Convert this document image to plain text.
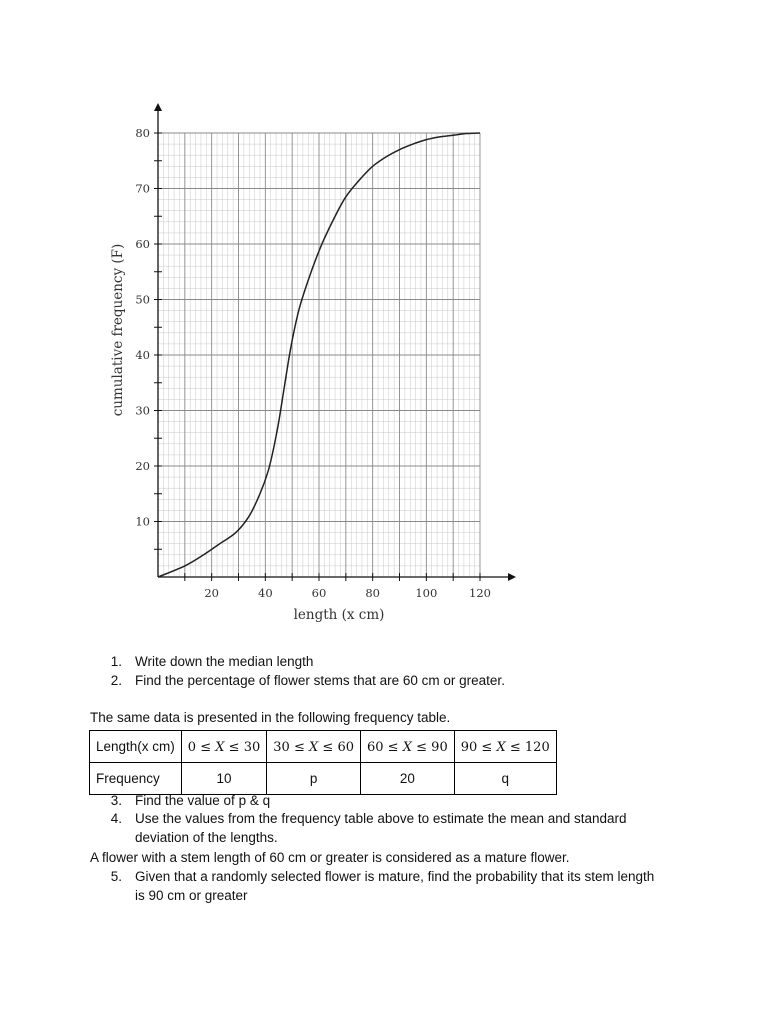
20	40	60	80	100	120
10
20
30
40
50
60
70
80
length (x cm)
cumulative frequency (F)
1. Write down the median length
2. Find the percentage of flower stems that are 60 cm or greater.
The same data is presented in the following frequency table.
Length(x cm)	0 ≤ X ≤ 30	30 ≤ X ≤ 60	60 ≤ X ≤ 90	90 ≤ X ≤ 120
Frequency	10	p	20	q
3. Find the value of p & q
4. Use the values from the frequency table above to estimate the mean and standard
deviation of the lengths.
A flower with a stem length of 60 cm or greater is considered as a mature flower.
5. Given that a randomly selected flower is mature, find the probability that its stem length
is 90 cm or greater
